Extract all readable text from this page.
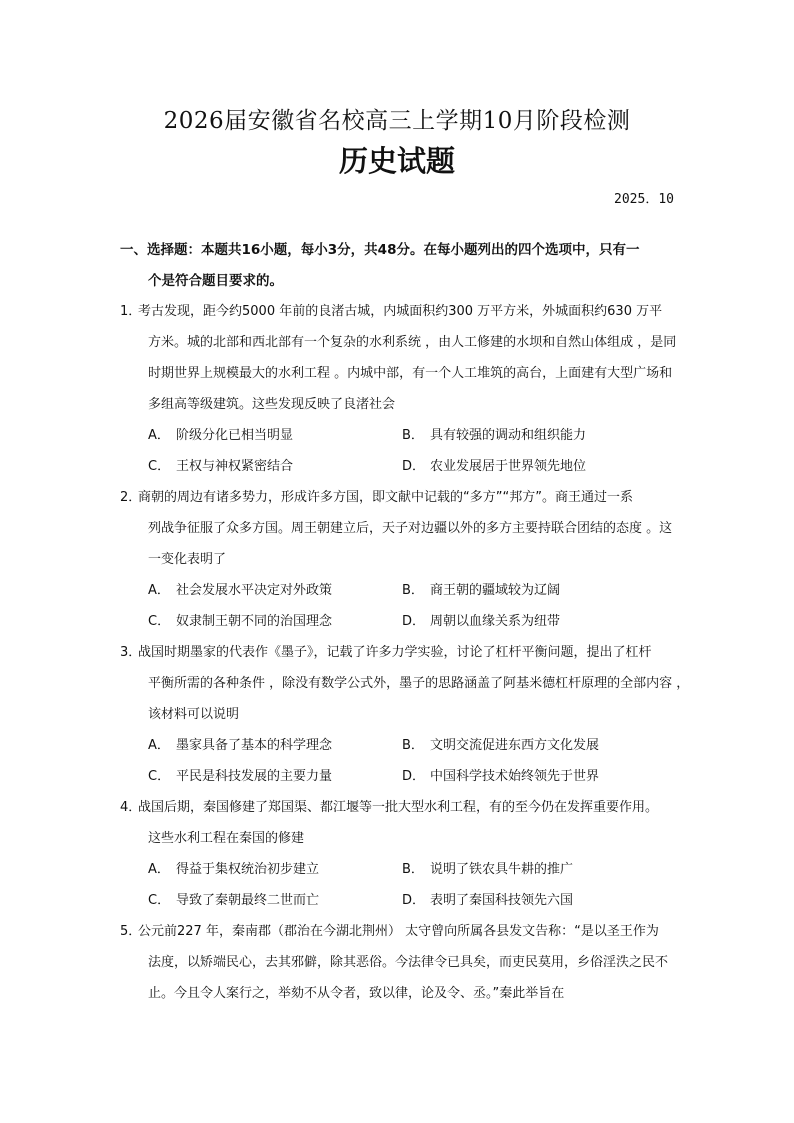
2026届安徽省名校高三上学期10月阶段检测
历史试题
2025．10
一、选择题：本题共16小题，每小3分，共48分。在每小题列出的四个选项中，只有一
个是符合题目要求的。
1．考古发现，距今约5000 年前的良渚古城，内城面积约300 万平方米，外城面积约630 万平
方米。城的北部和西北部有一个复杂的水利系统 ，由人工修建的水坝和自然山体组成 ，是同
时期世界上规模最大的水利工程 。内城中部，有一个人工堆筑的高台，上面建有大型广场和
多组高等级建筑。这些发现反映了良渚社会
A． 阶级分化已相当明显	B． 具有较强的调动和组织能力
C． 王权与神权紧密结合	D． 农业发展居于世界领先地位
2．商朝的周边有诸多势力，形成许多方国，即文献中记载的“多方”“邦方”。商王通过一系
列战争征服了众多方国。周王朝建立后，天子对边疆以外的多方主要持联合团结的态度 。这
一变化表明了
A． 社会发展水平决定对外政策	B． 商王朝的疆域较为辽阔
C． 奴隶制王朝不同的治国理念	D． 周朝以血缘关系为纽带
3．战国时期墨家的代表作《墨子》，记载了许多力学实验，讨论了杠杆平衡问题，提出了杠杆
平衡所需的各种条件 ，除没有数学公式外，墨子的思路涵盖了阿基米德杠杆原理的全部内容 ，
该材料可以说明
A． 墨家具备了基本的科学理念	B． 文明交流促进东西方文化发展
C． 平民是科技发展的主要力量	D． 中国科学技术始终领先于世界
4．战国后期，秦国修建了郑国渠、都江堰等一批大型水利工程，有的至今仍在发挥重要作用。
这些水利工程在秦国的修建
A． 得益于集权统治初步建立	B． 说明了铁农具牛耕的推广
C． 导致了秦朝最终二世而亡	D． 表明了秦国科技领先六国
5．公元前227 年，秦南郡（郡治在今湖北荆州） 太守曾向所属各县发文告称：“是以圣王作为
法度，以矫端民心，去其邪僻，除其恶俗。今法律令已具矣，而吏民莫用，乡俗淫泆之民不
止。今且令人案行之，举劾不从令者，致以律，论及令、丞。”秦此举旨在
